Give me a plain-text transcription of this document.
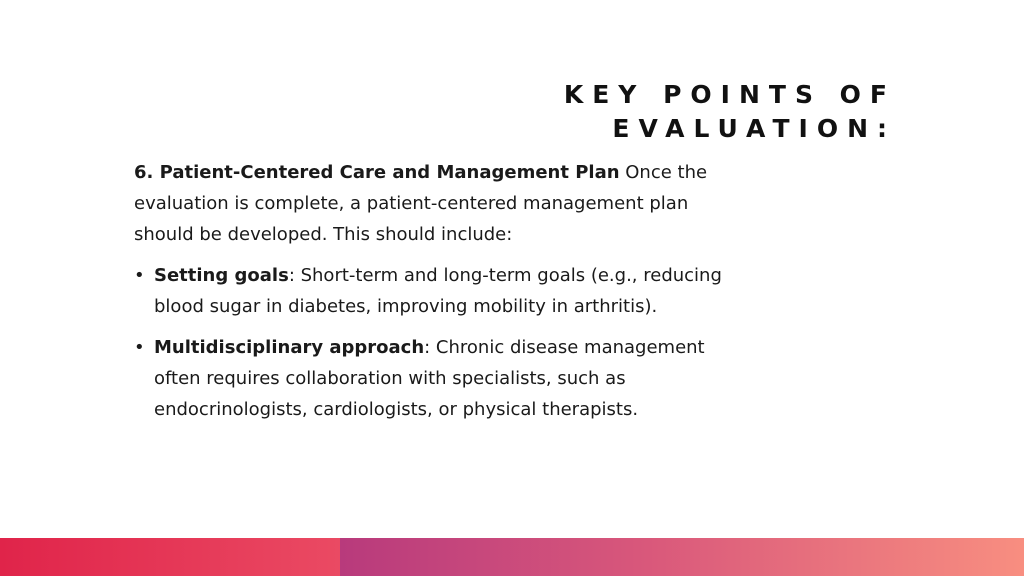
KEY POINTS OF EVALUATION:

6. Patient-Centered Care and Management Plan Once the evaluation is complete, a patient-centered management plan should be developed. This should include:

• Setting goals: Short-term and long-term goals (e.g., reducing blood sugar in diabetes, improving mobility in arthritis).
• Multidisciplinary approach: Chronic disease management often requires collaboration with specialists, such as endocrinologists, cardiologists, or physical therapists.
